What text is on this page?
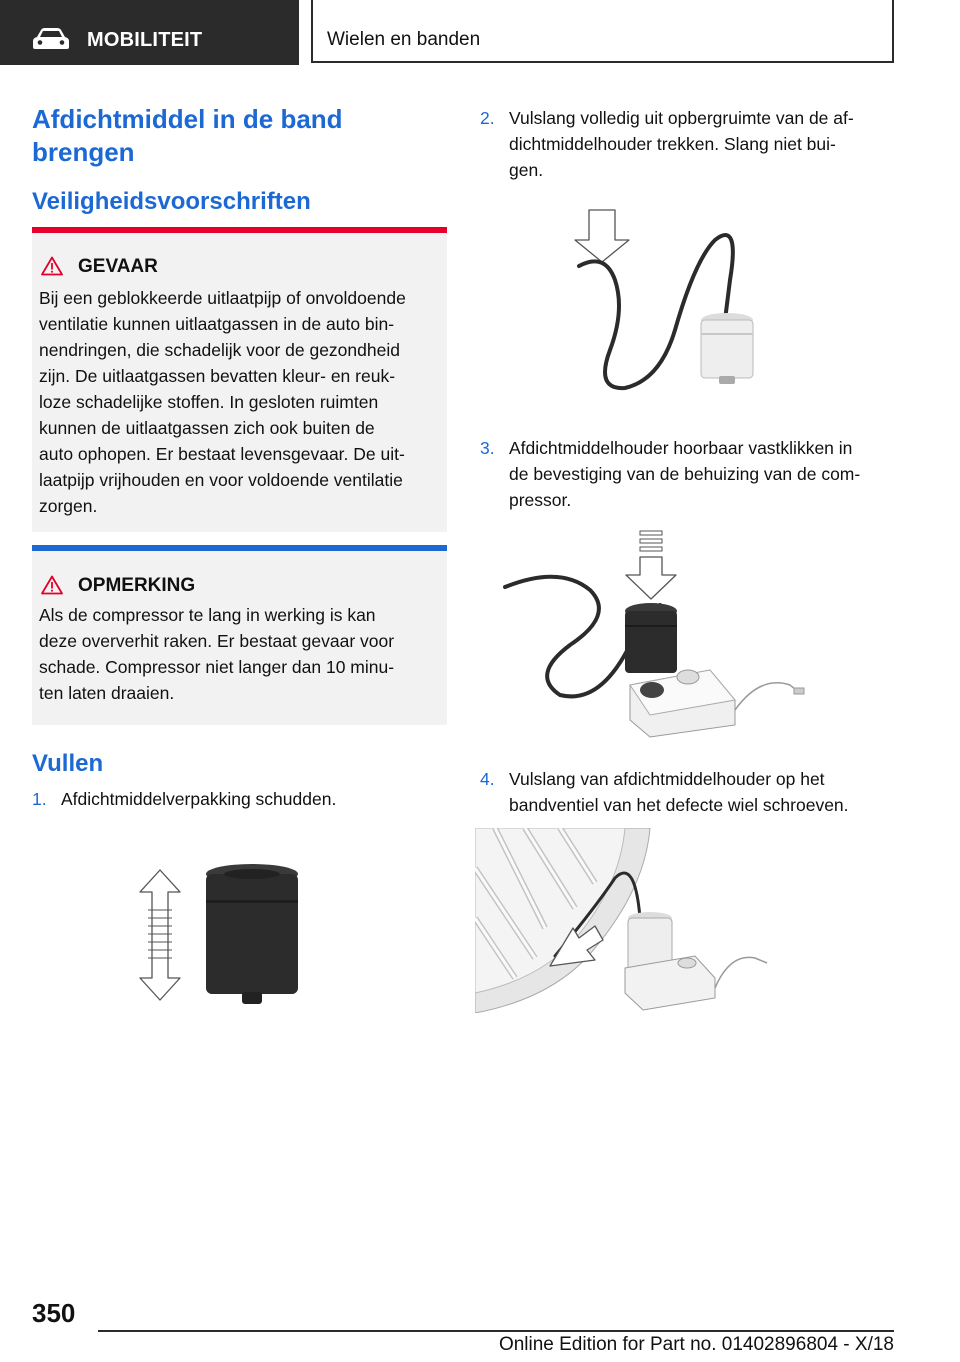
MOBILITEIT	Wielen en banden
Afdichtmiddel in de band brengen
Veiligheidsvoorschriften
GEVAAR

Bij een geblokkeerde uitlaatpijp of onvoldoende
ventilatie kunnen uitlaatgassen in de auto bin‐
nendringen, die schadelijk voor de gezondheid
zijn. De uitlaatgassen bevatten kleur- en reuk‐
loze schadelijke stoffen. In gesloten ruimten
kunnen de uitlaatgassen zich ook buiten de
auto ophopen. Er bestaat levensgevaar. De uit‐
laatpijp vrijhouden en voor voldoende ventilatie
zorgen.

OPMERKING

Als de compressor te lang in werking is kan
deze oververhit raken. Er bestaat gevaar voor
schade. Compressor niet langer dan 10 minu‐
ten laten draaien.

Vullen
1. Afdichtmiddelverpakking schudden.
2. Vulslang volledig uit opbergruimte van de af‐
dichtmiddelhouder trekken. Slang niet bui‐
gen.
3. Afdichtmiddelhouder hoorbaar vastklikken in
de bevestiging van de behuizing van de com‐
pressor.
4. Vulslang van afdichtmiddelhouder op het
bandventiel van het defecte wiel schroeven.
350
Online Edition for Part no. 01402896804 - X/18
